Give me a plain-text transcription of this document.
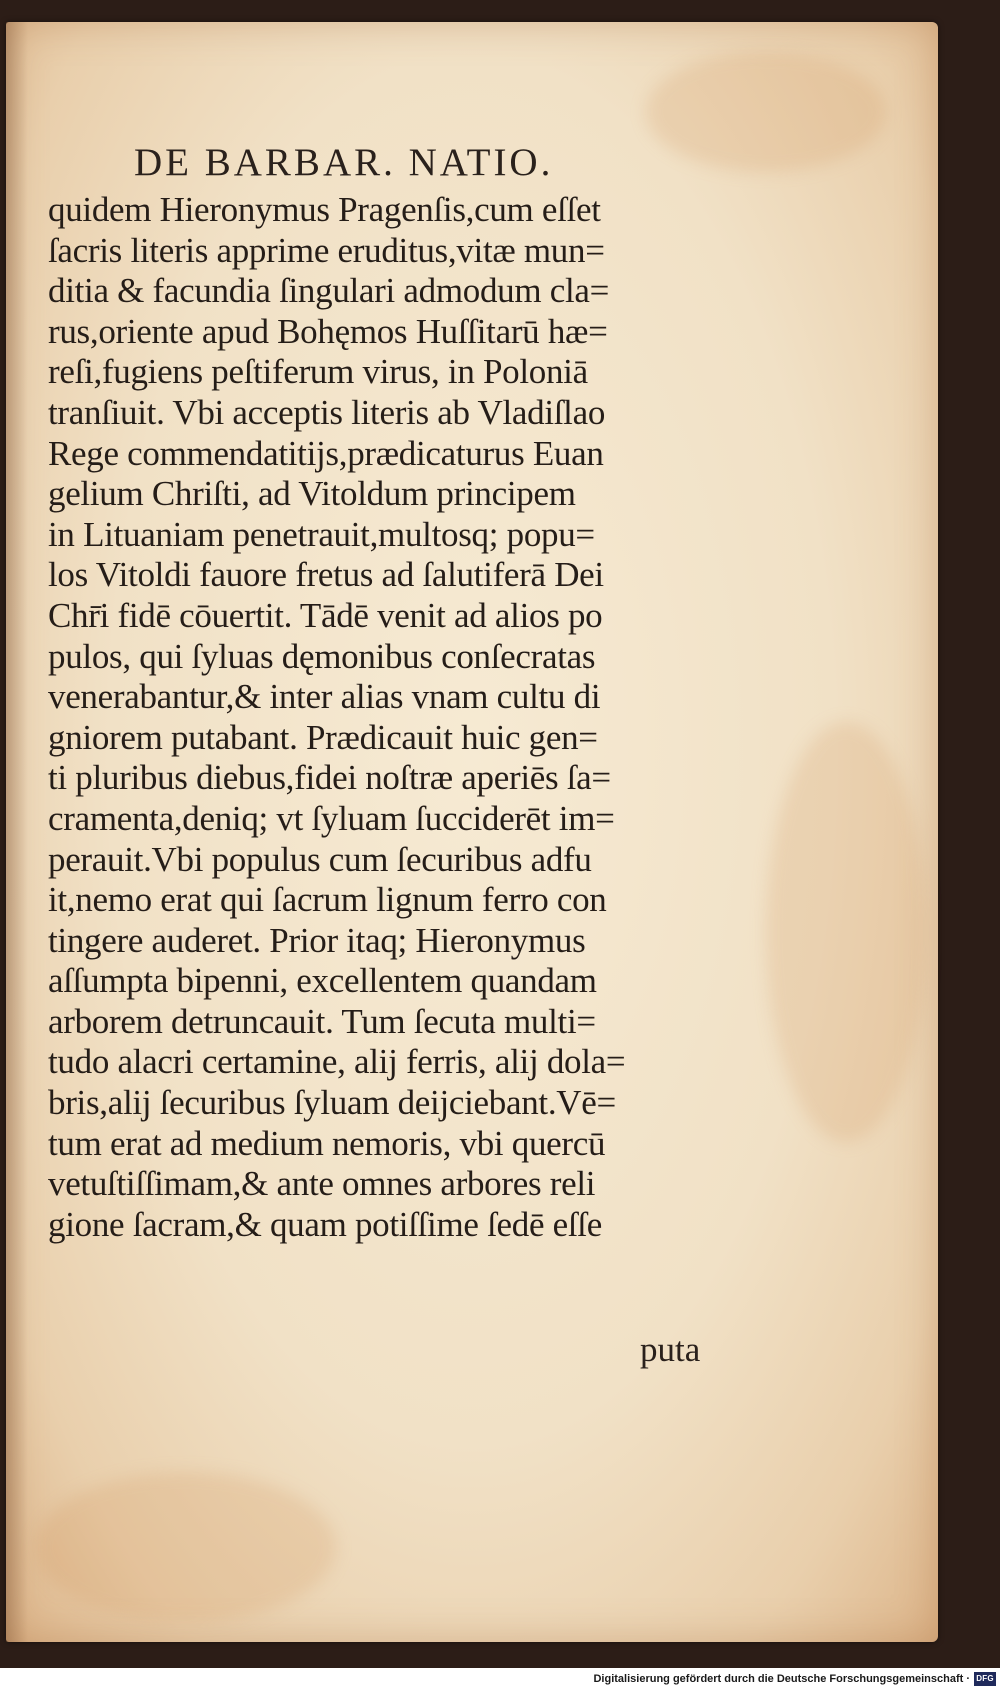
DE BARBAR. NATIO.
quidem Hieronymus Pragenſis,cum eſſet
ſacris literis apprime eruditus,vitæ mun=
ditia & facundia ſingulari admodum cla=
rus,oriente apud Bohęmos Huſſitarū hæ=
reſi,fugiens peſtiferum virus, in Poloniā
tranſiuit. Vbi acceptis literis ab Vladiſlao
Rege commendatitijs,prædicaturus Euan
gelium Chriſti, ad Vitoldum principem
in Lituaniam penetrauit,multosq; popu=
los Vitoldi fauore fretus ad ſalutiferā Dei
Chr̄i fidē cōuertit. Tādē venit ad alios po
pulos, qui ſyluas dęmonibus conſecratas
venerabantur,& inter alias vnam cultu di
gniorem putabant. Prædicauit huic gen=
ti pluribus diebus,fidei noſtræ aperiēs ſa=
cramenta,deniq; vt ſyluam ſucciderēt im=
perauit.Vbi populus cum ſecuribus adfu
it,nemo erat qui ſacrum lignum ferro con
tingere auderet. Prior itaq; Hieronymus
aſſumpta bipenni, excellentem quandam
arborem detruncauit. Tum ſecuta multi=
tudo alacri certamine, alij ferris, alij dola=
bris,alij ſecuribus ſyluam deijciebant.Vē=
tum erat ad medium nemoris, vbi quercū
vetuſtiſſimam,& ante omnes arbores reli
gione ſacram,& quam potiſſime ſedē eſſe
puta
Digitalisierung gefördert durch die Deutsche Forschungsgemeinschaft · DFG
